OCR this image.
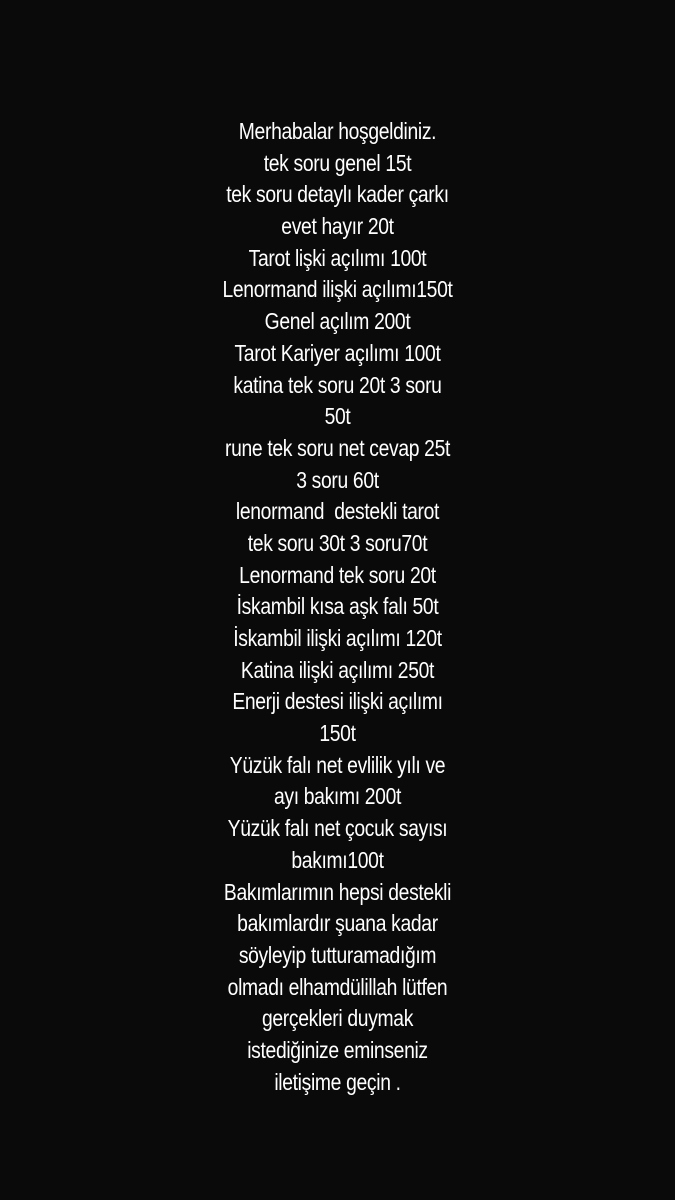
Merhabalar hoşgeldiniz.
tek soru genel 15t
tek soru detaylı kader çarkı
evet hayır 20t
Tarot lişki açılımı 100t
Lenormand ilişki açılımı150t
Genel açılım 200t
Tarot Kariyer açılımı 100t
katina tek soru 20t 3 soru
50t
rune tek soru net cevap 25t
3 soru 60t
lenormand  destekli tarot
tek soru 30t 3 soru70t
Lenormand tek soru 20t
İskambil kısa aşk falı 50t
İskambil ilişki açılımı 120t
Katina ilişki açılımı 250t
Enerji destesi ilişki açılımı
150t
Yüzük falı net evlilik yılı ve
ayı bakımı 200t
Yüzük falı net çocuk sayısı
bakımı100t
Bakımlarımın hepsi destekli
bakımlardır şuana kadar
söyleyip tutturamadığım
olmadı elhamdülillah lütfen
gerçekleri duymak
istediğinize eminseniz
iletişime geçin .
